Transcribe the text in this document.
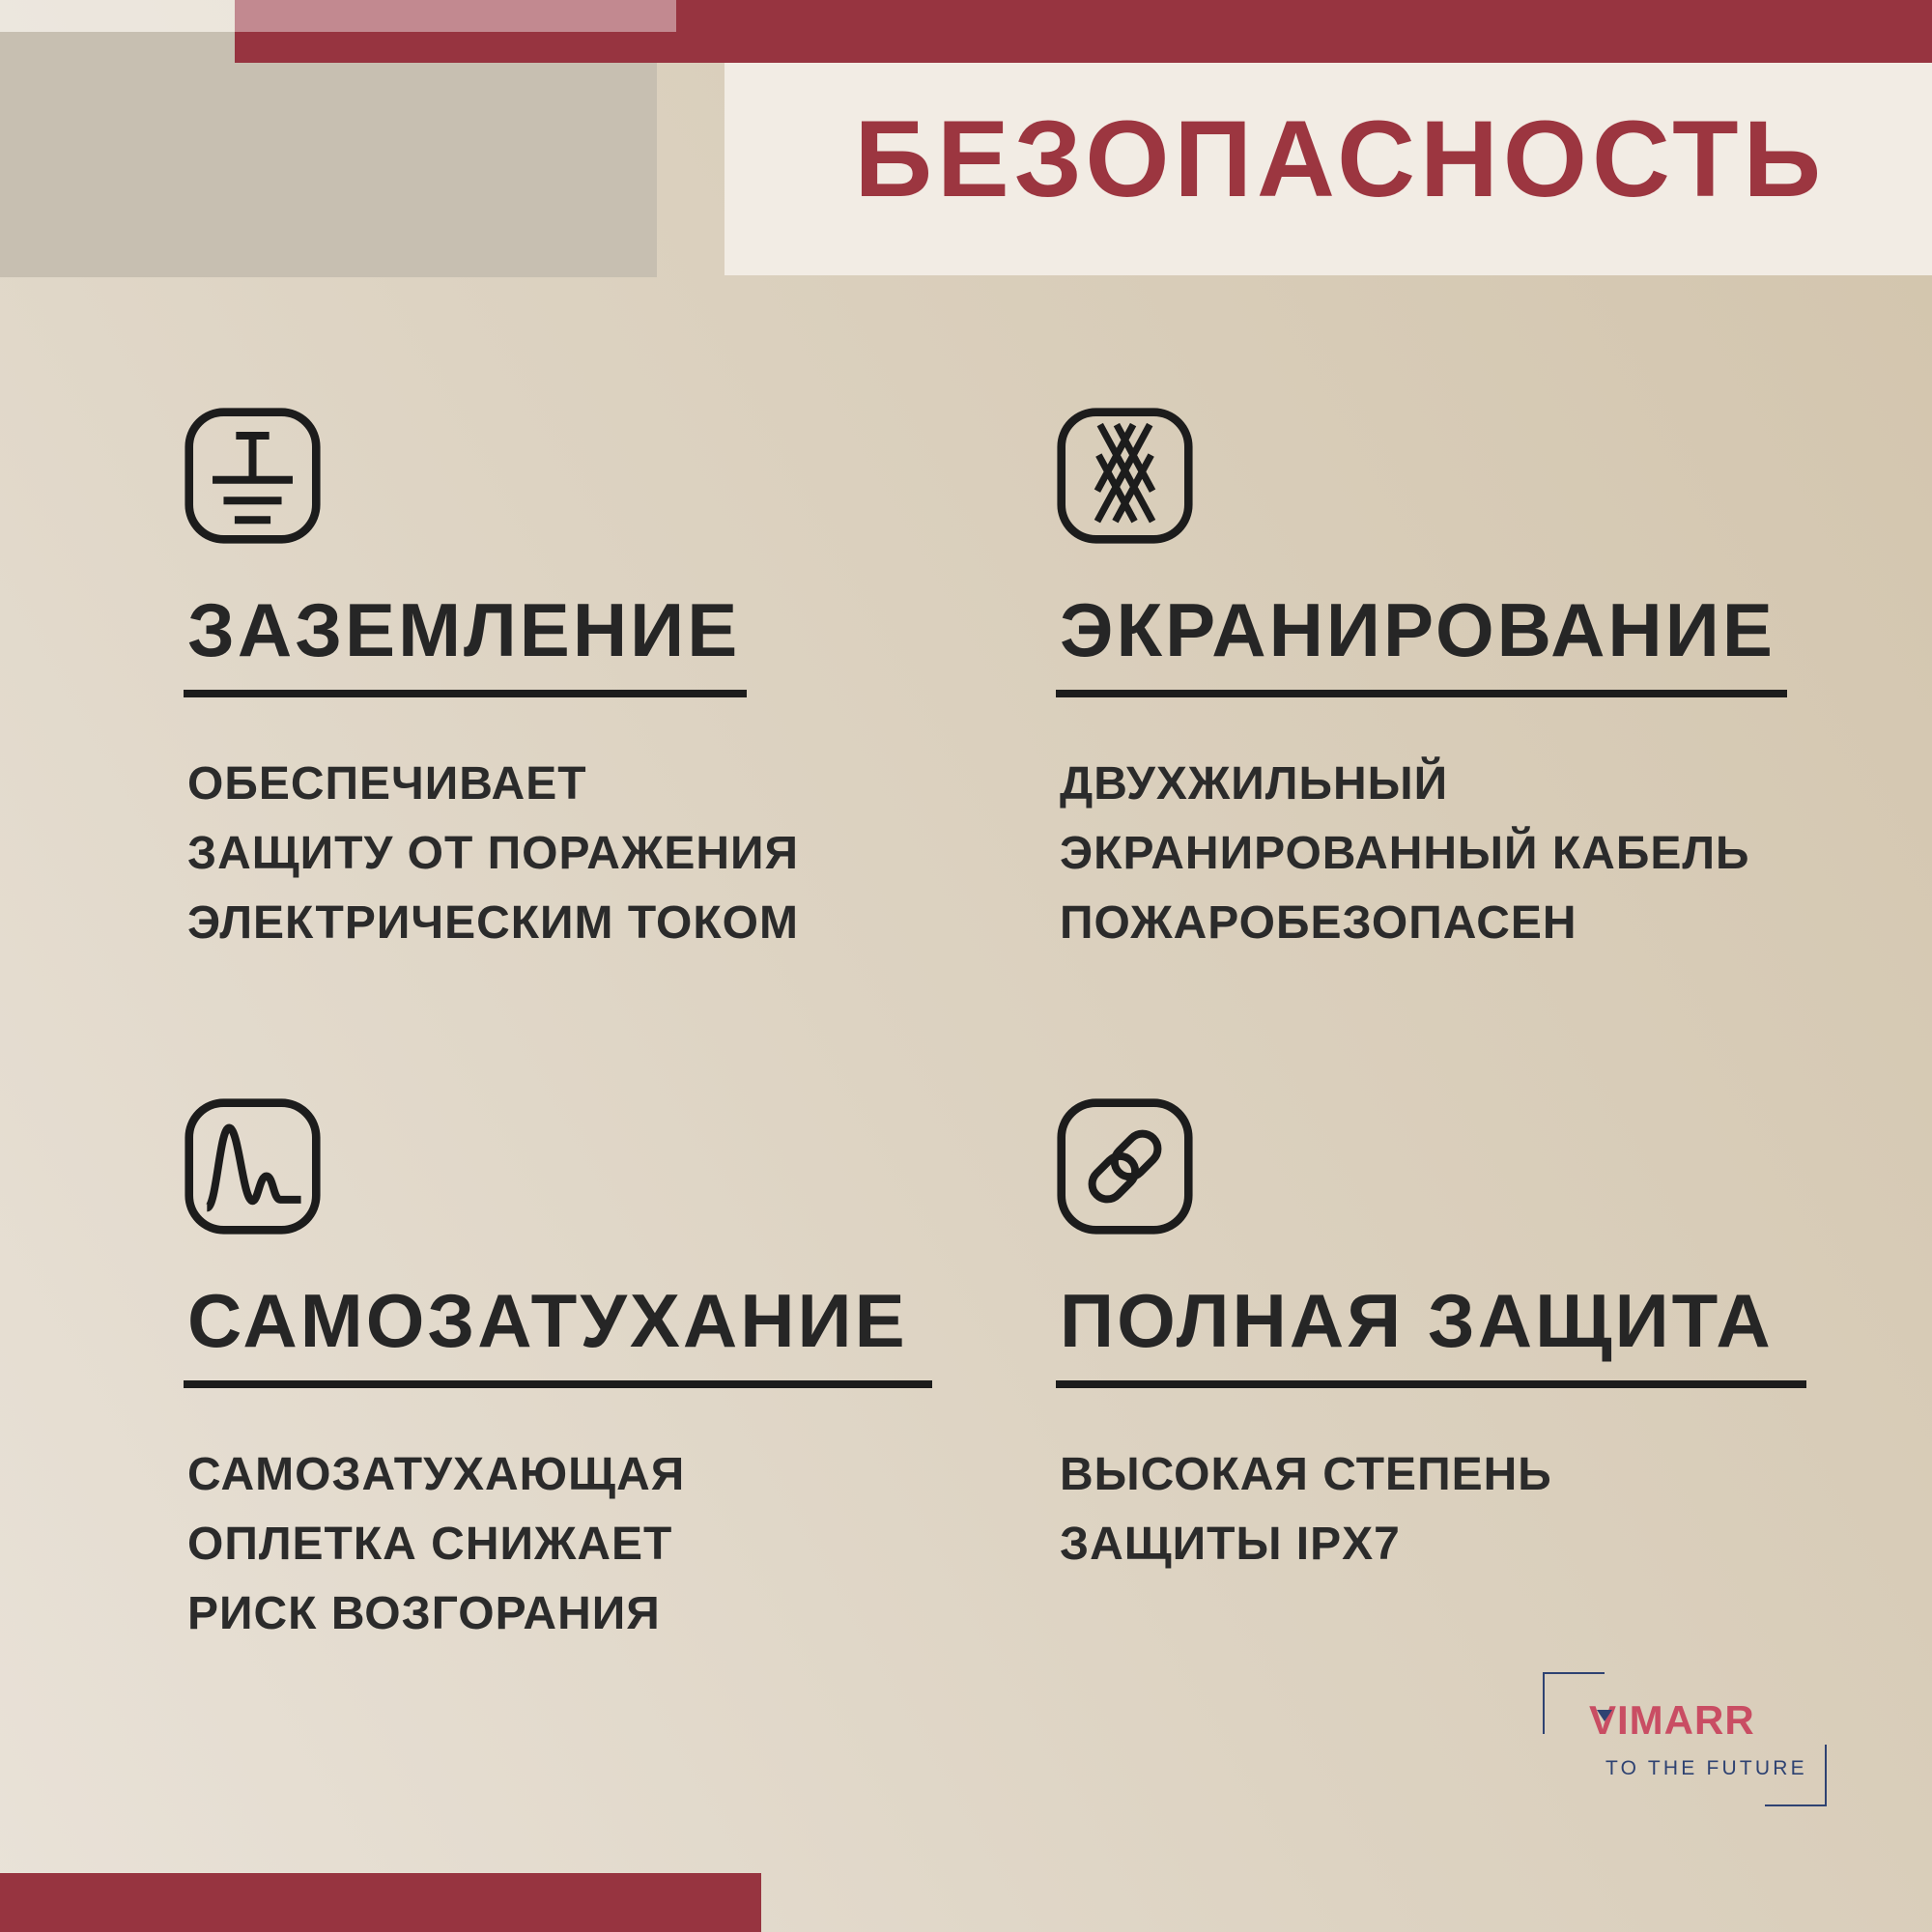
БЕЗОПАСНОСТЬ
ЗАЗЕМЛЕНИЕ
ОБЕСПЕЧИВАЕТ
ЗАЩИТУ ОТ ПОРАЖЕНИЯ
ЭЛЕКТРИЧЕСКИМ ТОКОМ
ЭКРАНИРОВАНИЕ
ДВУХЖИЛЬНЫЙ
ЭКРАНИРОВАННЫЙ КАБЕЛЬ
ПОЖАРОБЕЗОПАСЕН
САМОЗАТУХАНИЕ
САМОЗАТУХАЮЩАЯ
ОПЛЕТКА СНИЖАЕТ
РИСК ВОЗГОРАНИЯ
ПОЛНАЯ ЗАЩИТА
ВЫСОКАЯ СТЕПЕНЬ
ЗАЩИТЫ IPX7
VIMARR
TO THE FUTURE
